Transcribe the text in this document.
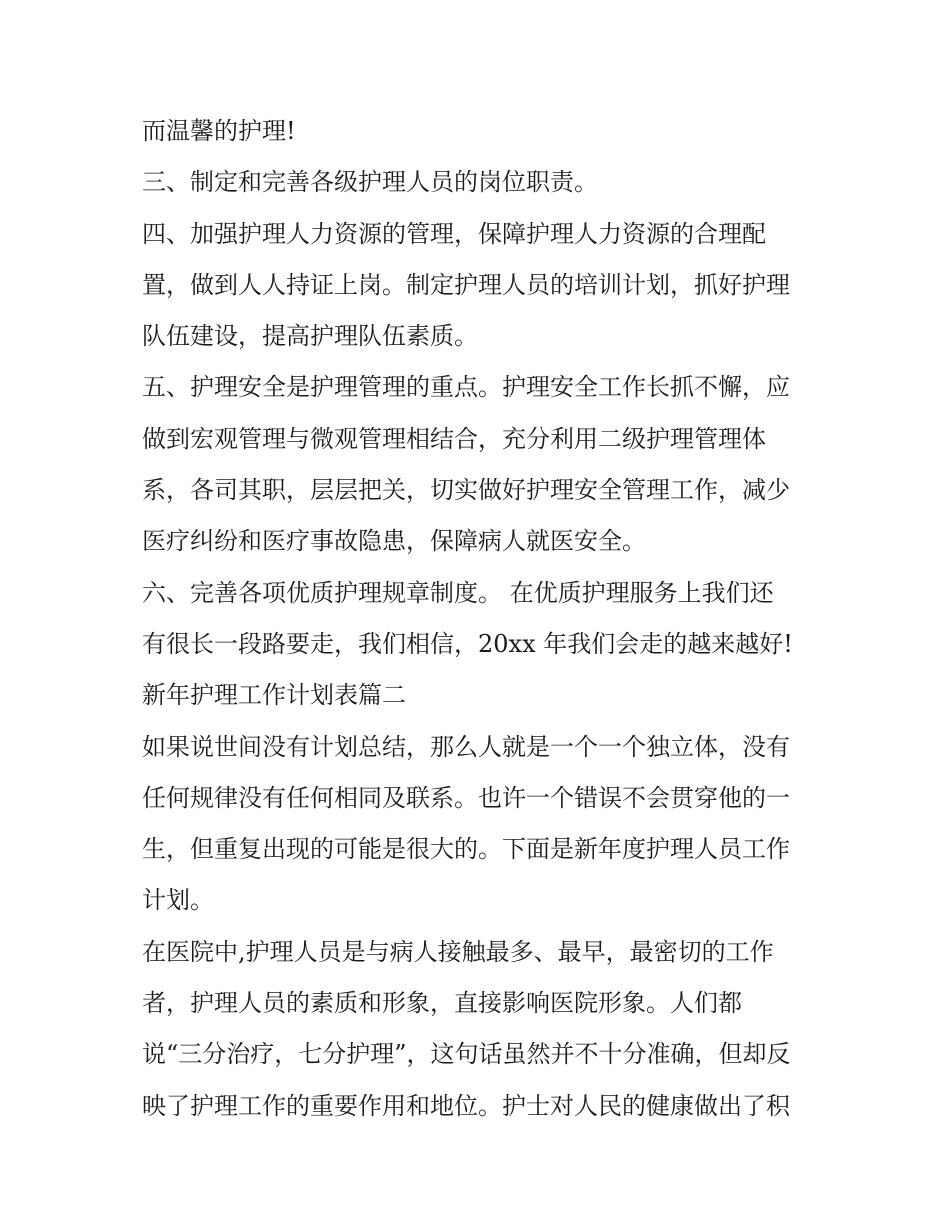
而温馨的护理!
三、制定和完善各级护理人员的岗位职责。
四、加强护理人力资源的管理，保障护理人力资源的合理配
置，做到人人持证上岗。制定护理人员的培训计划，抓好护理
队伍建设，提高护理队伍素质。
五、护理安全是护理管理的重点。护理安全工作长抓不懈，应
做到宏观管理与微观管理相结合，充分利用二级护理管理体
系，各司其职，层层把关，切实做好护理安全管理工作，减少
医疗纠纷和医疗事故隐患，保障病人就医安全。
六、完善各项优质护理规章制度。 在优质护理服务上我们还
有很长一段路要走，我们相信，20xx 年我们会走的越来越好!
新年护理工作计划表篇二
如果说世间没有计划总结，那么人就是一个一个独立体，没有
任何规律没有任何相同及联系。也许一个错误不会贯穿他的一
生，但重复出现的可能是很大的。下面是新年度护理人员工作
计划。
在医院中,护理人员是与病人接触最多、最早，最密切的工作
者，护理人员的素质和形象，直接影响医院形象。人们都
说“三分治疗，七分护理”，这句话虽然并不十分准确，但却反
映了护理工作的重要作用和地位。护士对人民的健康做出了积
